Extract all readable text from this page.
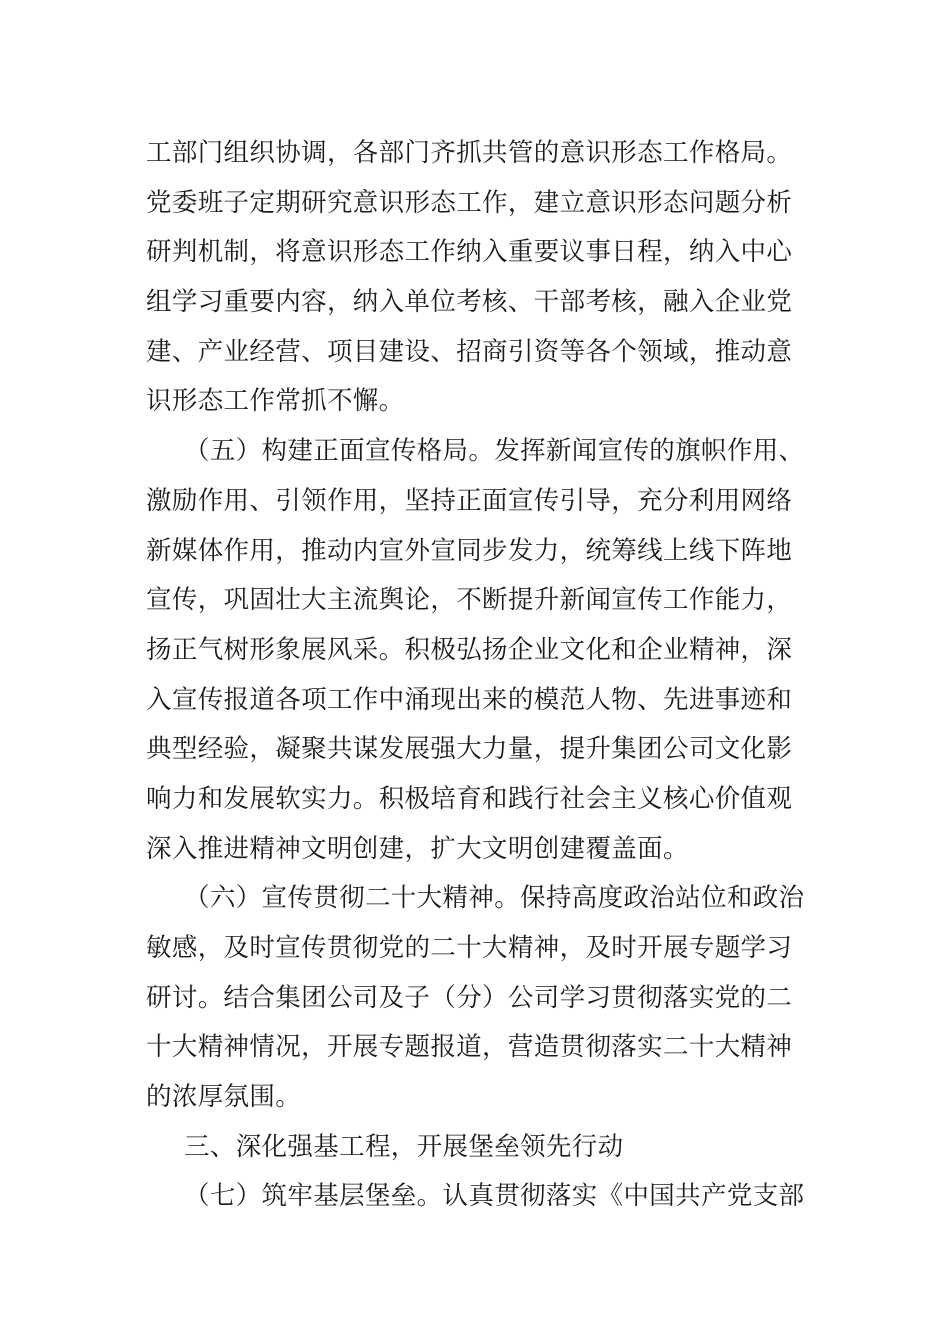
工部门组织协调，各部门齐抓共管的意识形态工作格局。
党委班子定期研究意识形态工作，建立意识形态问题分析
研判机制，将意识形态工作纳入重要议事日程，纳入中心
组学习重要内容，纳入单位考核、干部考核，融入企业党
建、产业经营、项目建设、招商引资等各个领域，推动意
识形态工作常抓不懈。
（五）构建正面宣传格局。发挥新闻宣传的旗帜作用、
激励作用、引领作用，坚持正面宣传引导，充分利用网络
新媒体作用，推动内宣外宣同步发力，统筹线上线下阵地
宣传，巩固壮大主流舆论，不断提升新闻宣传工作能力，
扬正气树形象展风采。积极弘扬企业文化和企业精神，深
入宣传报道各项工作中涌现出来的模范人物、先进事迹和
典型经验，凝聚共谋发展强大力量，提升集团公司文化影
响力和发展软实力。积极培育和践行社会主义核心价值观
深入推进精神文明创建，扩大文明创建覆盖面。
（六）宣传贯彻二十大精神。保持高度政治站位和政治
敏感，及时宣传贯彻党的二十大精神，及时开展专题学习
研讨。结合集团公司及子（分）公司学习贯彻落实党的二
十大精神情况，开展专题报道，营造贯彻落实二十大精神
的浓厚氛围。
三、深化强基工程，开展堡垒领先行动
（七）筑牢基层堡垒。认真贯彻落实《中国共产党支部
